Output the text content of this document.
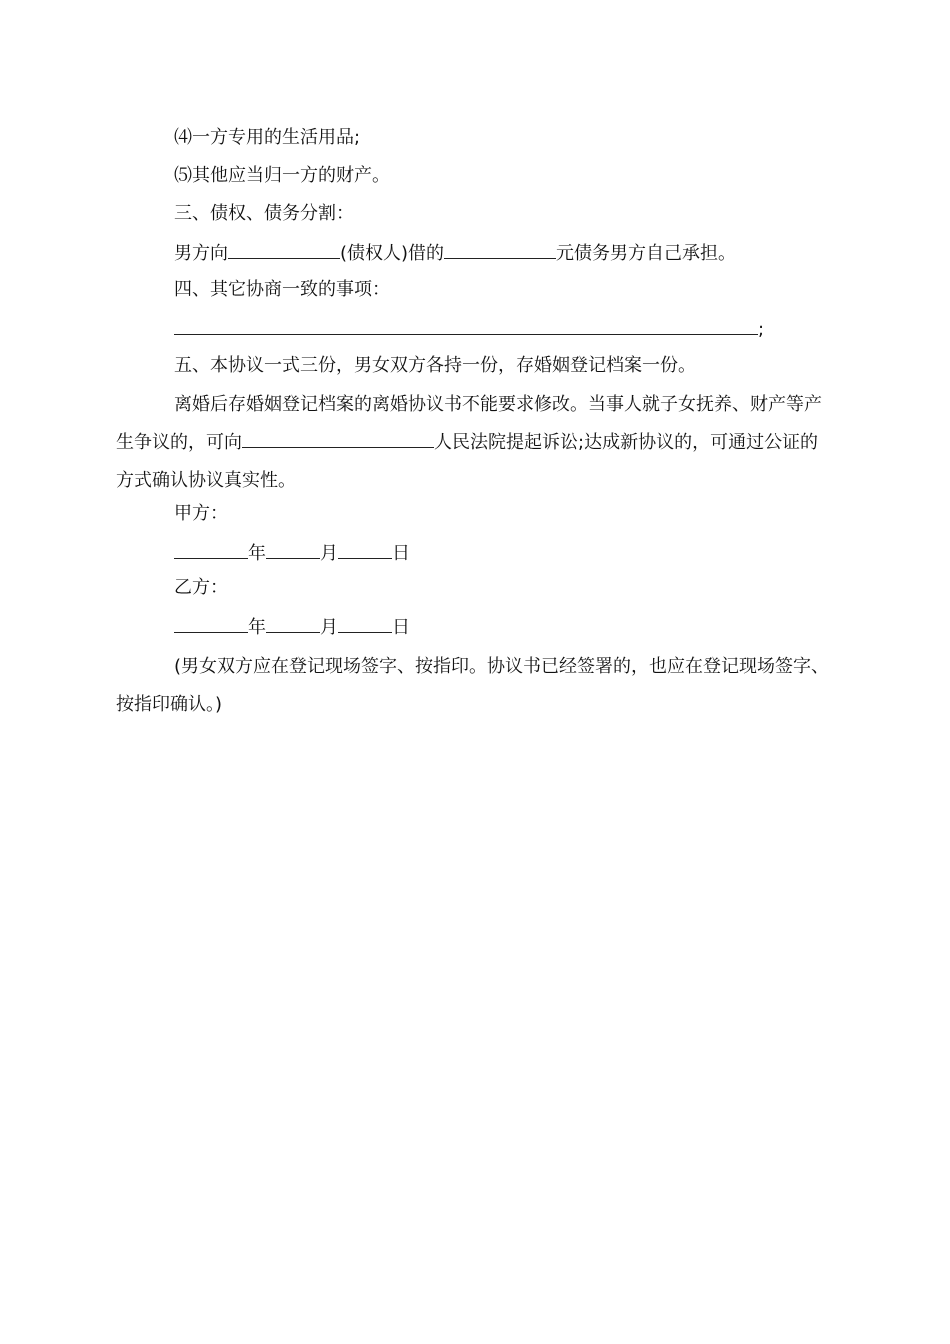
⑷一方专用的生活用品;
⑸其他应当归一方的财产。
三、债权、债务分割：
男方向	(债权人)借的	元债务男方自己承担。
四、其它协商一致的事项：
;
五、本协议一式三份，男女双方各持一份，存婚姻登记档案一份。
离婚后存婚姻登记档案的离婚协议书不能要求修改。当事人就子女抚养、财产等产生争议的，可向	人民法院提起诉讼;达成新协议的，可通过公证的方式确认协议真实性。
甲方：
年	月	日
乙方：
年	月	日
(男女双方应在登记现场签字、按指印。协议书已经签署的，也应在登记现场签字、按指印确认。)
